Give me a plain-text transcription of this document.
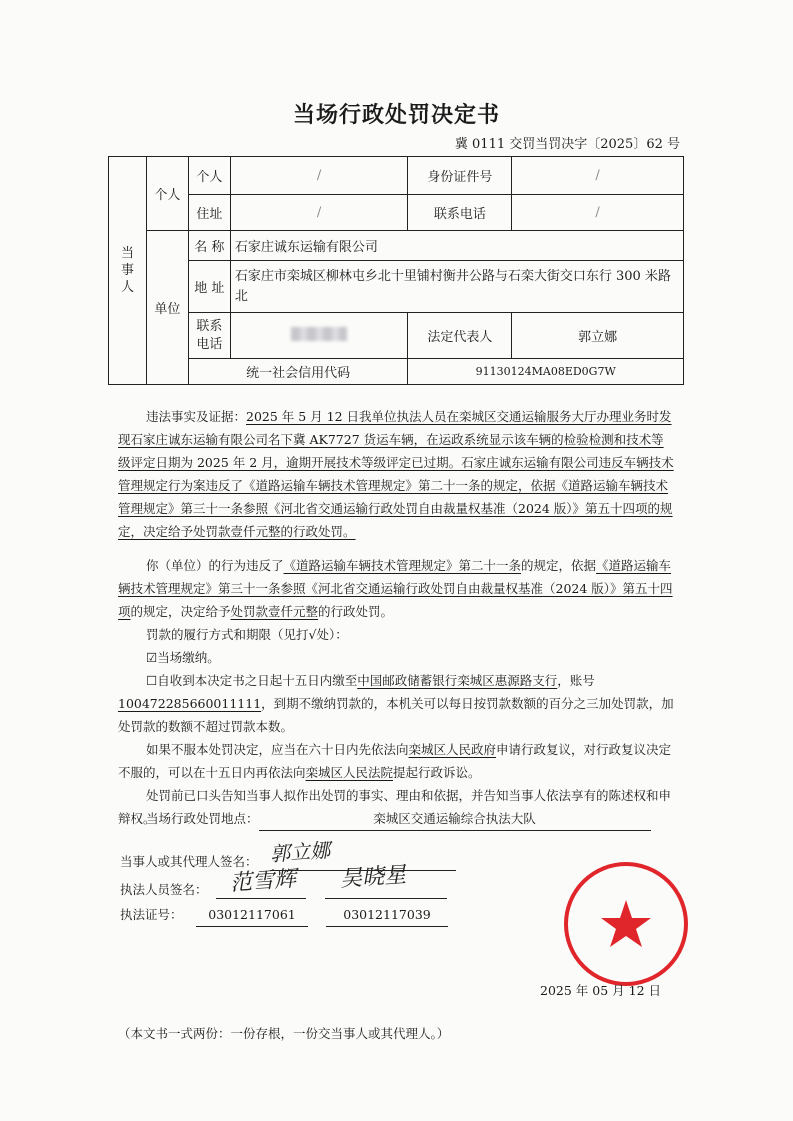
当场行政处罚决定书
冀 0111 交罚当罚决字〔2025〕62 号
当事人	个人	个人	/	身份证件号	/
		住址	/	联系电话	/
	单位	名 称	石家庄诚东运输有限公司		
		地 址	石家庄市栾城区柳林屯乡北十里铺村衡井公路与石栾大街交口东行 300 米路北		
		联系电话		法定代表人	郭立娜
		统一社会信用代码		91130124MA08ED0G7W	
违法事实及证据：2025 年 5 月 12 日我单位执法人员在栾城区交通运输服务大厅办理业务时发现石家庄诚东运输有限公司名下冀 AK7727 货运车辆，在运政系统显示该车辆的检验检测和技术等级评定日期为 2025 年 2 月，逾期开展技术等级评定已过期。石家庄诚东运输有限公司违反车辆技术管理规定行为案违反了《道路运输车辆技术管理规定》第二十一条的规定，依据《道路运输车辆技术管理规定》第三十一条参照《河北省交通运输行政处罚自由裁量权基准（2024 版）》第五十四项的规定，决定给予处罚款壹仟元整的行政处罚。
你（单位）的行为违反了《道路运输车辆技术管理规定》第二十一条的规定，依据《道路运输车辆技术管理规定》第三十一条参照《河北省交通运输行政处罚自由裁量权基准（2024 版）》第五十四项的规定，决定给予处罚款壹仟元整的行政处罚。
罚款的履行方式和期限（见打√处）：
☑当场缴纳。
☐自收到本决定书之日起十五日内缴至中国邮政储蓄银行栾城区惠源路支行，账号100472285660011111，到期不缴纳罚款的，本机关可以每日按罚款数额的百分之三加处罚款，加处罚款的数额不超过罚款本数。
如果不服本处罚决定，应当在六十日内先依法向栾城区人民政府申请行政复议，对行政复议决定不服的，可以在十五日内再依法向栾城区人民法院提起行政诉讼。
处罚前已口头告知当事人拟作出处罚的事实、理由和依据，并告知当事人依法享有的陈述权和申辩权。
当场行政处罚地点：	栾城区交通运输综合执法大队
当事人或其代理人签名： 郭立娜
执法人员签名： 范雪辉 吴晓星
执法证号：	03012117061	03012117039
2025 年 05 月 12 日
（本文书一式两份：一份存根，一份交当事人或其代理人。）
